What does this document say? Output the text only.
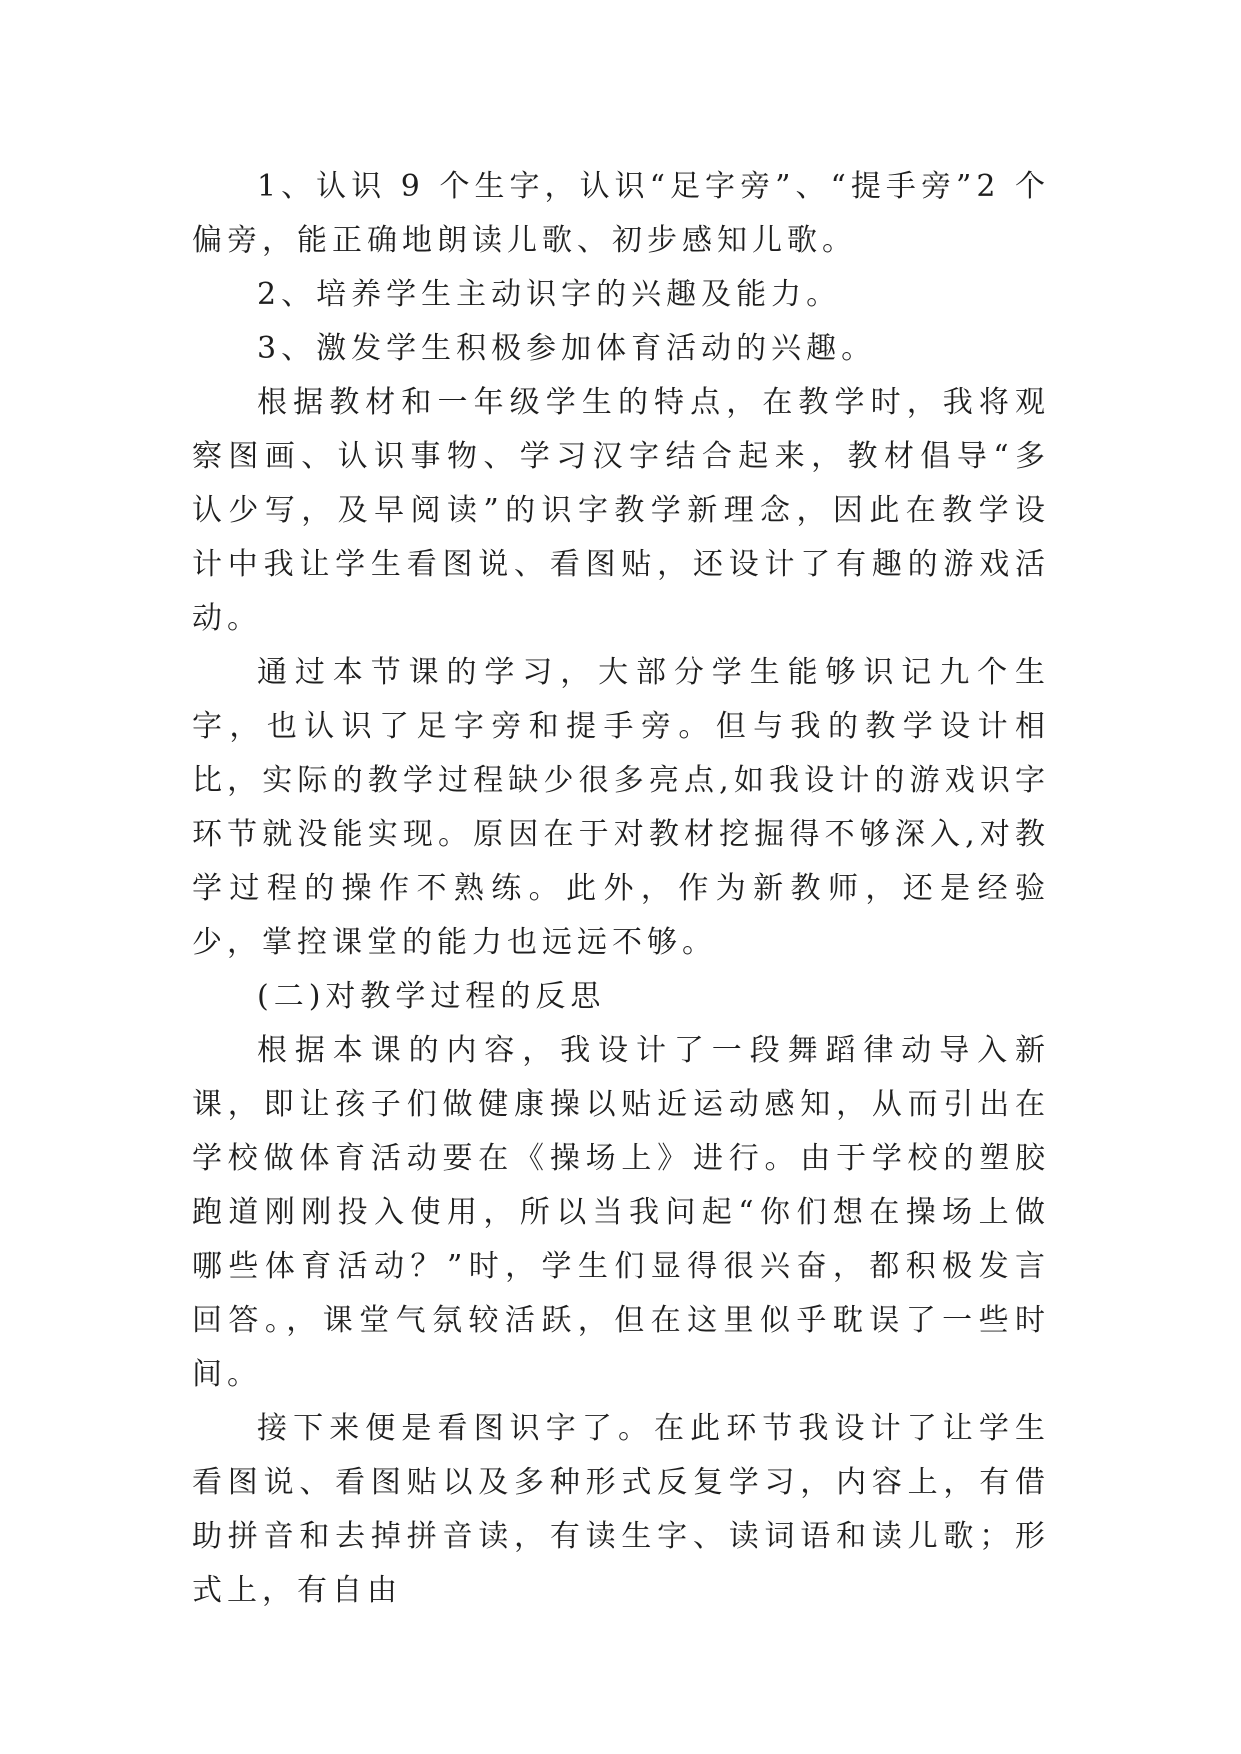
1、认识 9 个生字，认识“足字旁”、“提手旁”2 个偏旁，能正确地朗读儿歌、初步感知儿歌。

2、培养学生主动识字的兴趣及能力。

3、激发学生积极参加体育活动的兴趣。

根据教材和一年级学生的特点，在教学时，我将观察图画、认识事物、学习汉字结合起来，教材倡导“多认少写，及早阅读”的识字教学新理念，因此在教学设计中我让学生看图说、看图贴，还设计了有趣的游戏活动。

通过本节课的学习，大部分学生能够识记九个生字，也认识了足字旁和提手旁。但与我的教学设计相比，实际的教学过程缺少很多亮点,如我设计的游戏识字环节就没能实现。原因在于对教材挖掘得不够深入,对教学过程的操作不熟练。此外，作为新教师，还是经验少，掌控课堂的能力也远远不够。

(二)对教学过程的反思

根据本课的内容，我设计了一段舞蹈律动导入新课，即让孩子们做健康操以贴近运动感知，从而引出在学校做体育活动要在《操场上》进行。由于学校的塑胶跑道刚刚投入使用，所以当我问起“你们想在操场上做哪些体育活动？”时，学生们显得很兴奋，都积极发言回答。，课堂气氛较活跃，但在这里似乎耽误了一些时间。

接下来便是看图识字了。在此环节我设计了让学生看图说、看图贴以及多种形式反复学习，内容上，有借助拼音和去掉拼音读，有读生字、读词语和读儿歌；形式上，有自由
